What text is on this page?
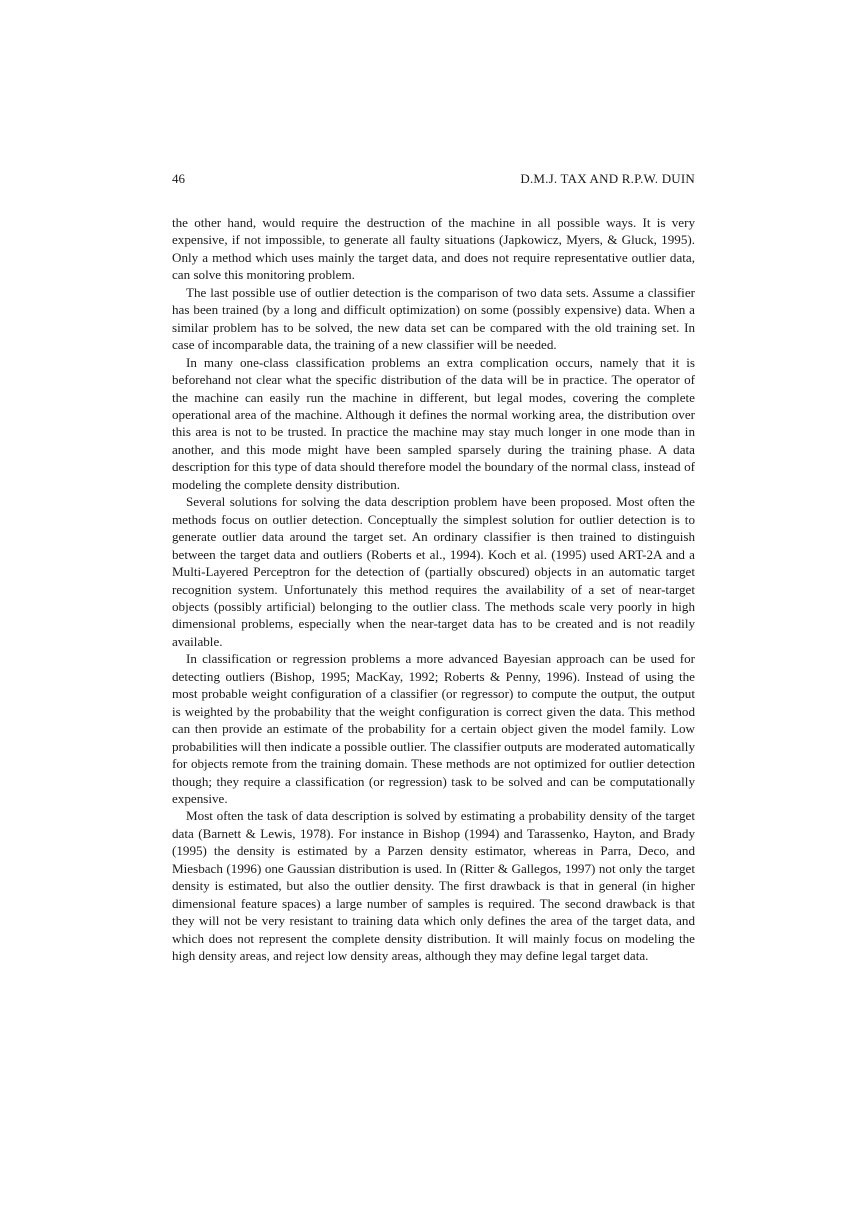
46	D.M.J. TAX AND R.P.W. DUIN

the other hand, would require the destruction of the machine in all possible ways. It is very expensive, if not impossible, to generate all faulty situations (Japkowicz, Myers, & Gluck, 1995). Only a method which uses mainly the target data, and does not require representative outlier data, can solve this monitoring problem.

The last possible use of outlier detection is the comparison of two data sets. Assume a classifier has been trained (by a long and difficult optimization) on some (possibly expensive) data. When a similar problem has to be solved, the new data set can be compared with the old training set. In case of incomparable data, the training of a new classifier will be needed.

In many one-class classification problems an extra complication occurs, namely that it is beforehand not clear what the specific distribution of the data will be in practice. The operator of the machine can easily run the machine in different, but legal modes, covering the complete operational area of the machine. Although it defines the normal working area, the distribution over this area is not to be trusted. In practice the machine may stay much longer in one mode than in another, and this mode might have been sampled sparsely during the training phase. A data description for this type of data should therefore model the boundary of the normal class, instead of modeling the complete density distribution.

Several solutions for solving the data description problem have been proposed. Most often the methods focus on outlier detection. Conceptually the simplest solution for outlier detection is to generate outlier data around the target set. An ordinary classifier is then trained to distinguish between the target data and outliers (Roberts et al., 1994). Koch et al. (1995) used ART-2A and a Multi-Layered Perceptron for the detection of (partially obscured) objects in an automatic target recognition system. Unfortunately this method requires the availability of a set of near-target objects (possibly artificial) belonging to the outlier class. The methods scale very poorly in high dimensional problems, especially when the near-target data has to be created and is not readily available.

In classification or regression problems a more advanced Bayesian approach can be used for detecting outliers (Bishop, 1995; MacKay, 1992; Roberts & Penny, 1996). Instead of using the most probable weight configuration of a classifier (or regressor) to compute the output, the output is weighted by the probability that the weight configuration is correct given the data. This method can then provide an estimate of the probability for a certain object given the model family. Low probabilities will then indicate a possible outlier. The classifier outputs are moderated automatically for objects remote from the training domain. These methods are not optimized for outlier detection though; they require a classification (or regression) task to be solved and can be computationally expensive.

Most often the task of data description is solved by estimating a probability density of the target data (Barnett & Lewis, 1978). For instance in Bishop (1994) and Tarassenko, Hayton, and Brady (1995) the density is estimated by a Parzen density estimator, whereas in Parra, Deco, and Miesbach (1996) one Gaussian distribution is used. In (Ritter & Gallegos, 1997) not only the target density is estimated, but also the outlier density. The first drawback is that in general (in higher dimensional feature spaces) a large number of samples is required. The second drawback is that they will not be very resistant to training data which only defines the area of the target data, and which does not represent the complete density distribution. It will mainly focus on modeling the high density areas, and reject low density areas, although they may define legal target data.
